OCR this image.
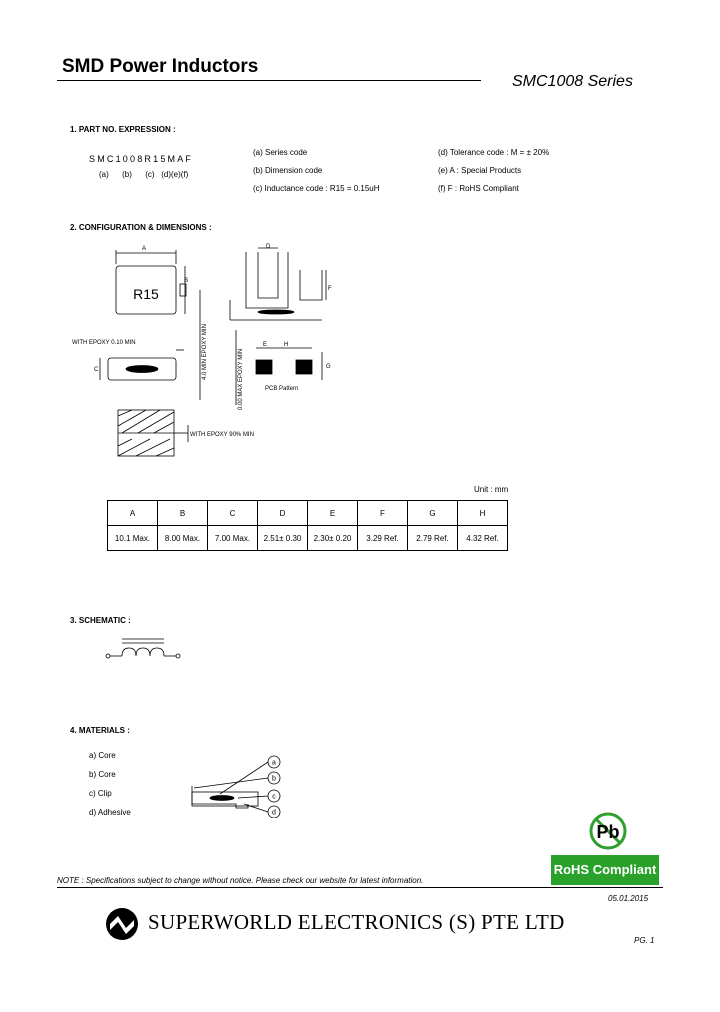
SMD Power Inductors
SMC1008 Series
1. PART NO. EXPRESSION :
SMC1008R15MAF
(a)      (b)      (c)   (d)(e)(f)
(a) Series code
(b) Dimension code
(c) Inductance code : R15 = 0.15uH
(d) Tolerance code : M = ± 20%
(e) A : Special Products
(f) F : RoHS Compliant
2. CONFIGURATION & DIMENSIONS :
R15
A
B
C
D
F
E	H
G
WITH EPOXY 0.10 MIN
WITH EPOXY 90% MIN
PCB Pattern
4.0 MIN EPOXY MIN	0.00 MAX EPOXY MIN
Unit : mm
A	B	C	D	E	F	G	H
10.1 Max.	8.00 Max.	7.00 Max.	2.51± 0.30	2.30± 0.20	3.29 Ref.	2.79 Ref.	4.32 Ref.
3. SCHEMATIC :
4. MATERIALS :
a) Core
b) Core
c) Clip
d) Adhesive
a
b
c
d
Pb
RoHS Compliant
NOTE : Specifications subject to change without notice. Please check our website for latest information.
05.01.2015
SUPERWORLD ELECTRONICS (S) PTE LTD
PG. 1
